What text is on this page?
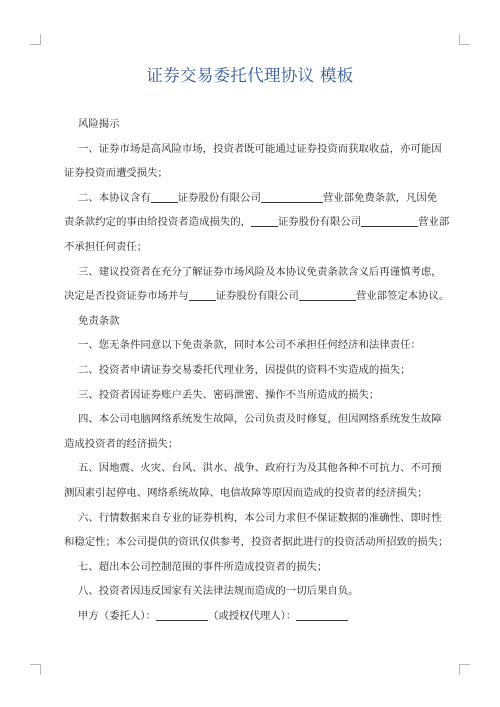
证券交易委托代理协议 模板

风险揭示

一、证券市场是高风险市场，投资者既可能通过证券投资而获取收益，亦可能因

证券投资而遭受损失；

二、本协议含有	证券股份有限公司	营业部免费条款，凡因免

责条款约定的事由给投资者造成损失的，	证券股份有限公司	营业部

不承担任何责任；

三、建议投资者在充分了解证券市场风险及本协议免责条款含义后再谨慎考虑，

决定是否投资证券市场并与	证券股份有限公司	营业部签定本协议。

免责条款

一、您无条件同意以下免责条款，同时本公司不承担任何经济和法律责任：

二、投资者申请证券交易委托代理业务，因提供的资料不实造成的损失；

三、投资者因证券账户丢失、密码泄密、操作不当所造成的损失；

四、本公司电脑网络系统发生故障，公司负责及时修复，但因网络系统发生故障

造成投资者的经济损失；

五、因地震、火灾、台风、洪水、战争、政府行为及其他各种不可抗力、不可预

测因素引起停电、网络系统故障、电信故障等原因而造成的投资者的经济损失；

六、行情数据来自专业的证券机构，本公司力求但不保证数据的准确性、即时性

和稳定性；本公司提供的资讯仅供参考，投资者据此进行的投资活动所招致的损失；

七、超出本公司控制范围的事件所造成投资者的损失；

八、投资者因违反国家有关法律法规而造成的一切后果自负。

甲方（委托人）：	（或授权代理人）：
